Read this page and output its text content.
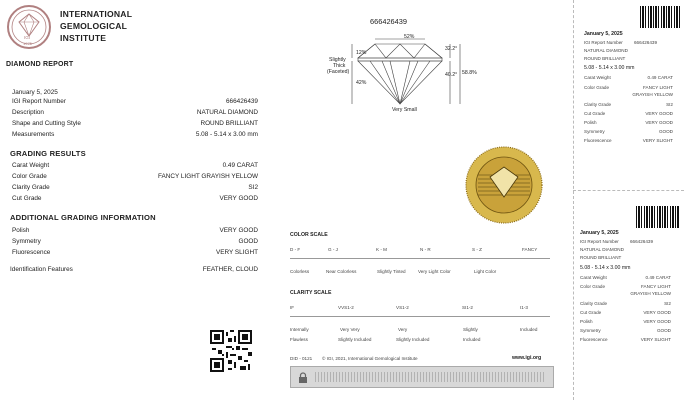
IGI
1975
INTERNATIONAL
GEMOLOGICAL
INSTITUTE
DIAMOND REPORT
January 5, 2025
IGI Report Number	666426439
Description	NATURAL DIAMOND
Shape and Cutting Style	ROUND BRILLIANT
Measurements	5.08 - 5.14 x 3.00 mm
GRADING RESULTS
Carat Weight	0.49 CARAT
Color Grade	FANCY LIGHT GRAYISH YELLOW
Clarity Grade	SI2
Cut Grade	VERY GOOD
ADDITIONAL GRADING INFORMATION
Polish	VERY GOOD
Symmetry	GOOD
Fluorescence	VERY SLIGHT
Identification Features	FEATHER, CLOUD
666426439
52%
32.2°
40.2° 58.8%
12%
42%
Slightly
Thick
(Faceted)
Very Small
COLOR SCALE
D - F	G - J	K - M	N - R	S - Z	FANCY
Colorless	Near Colorless	Slightly Tinted	Very Light Color	Light Color
CLARITY SCALE
IF	VVS1-2	VS1-2	SI1-2	I1-3
Internally	Very Very	Very	Slightly	Included
Flawless	Slightly Included	Slightly Included	Included
DID - 0121 © IGI, 2021, International Gemological Institute	www.igi.org
January 5, 2025
IGI Report Number 666426439
NATURAL DIAMOND
ROUND BRILLIANT
5.08 - 5.14 x 3.00 mm
Carat Weight	0.49 CARAT
Color Grade	FANCY LIGHT
GRAYISH YELLOW
Clarity Grade	SI2
Cut Grade	VERY GOOD
Polish	VERY GOOD
Symmetry	GOOD
Fluorescence	VERY SLIGHT
January 5, 2025
IGI Report Number 666426439
NATURAL DIAMOND
ROUND BRILLIANT
5.08 - 5.14 x 3.00 mm
Carat Weight	0.49 CARAT
Color Grade	FANCY LIGHT
GRAYISH YELLOW
Clarity Grade	SI2
Cut Grade	VERY GOOD
Polish	VERY GOOD
Symmetry	GOOD
Fluorescence	VERY SLIGHT
